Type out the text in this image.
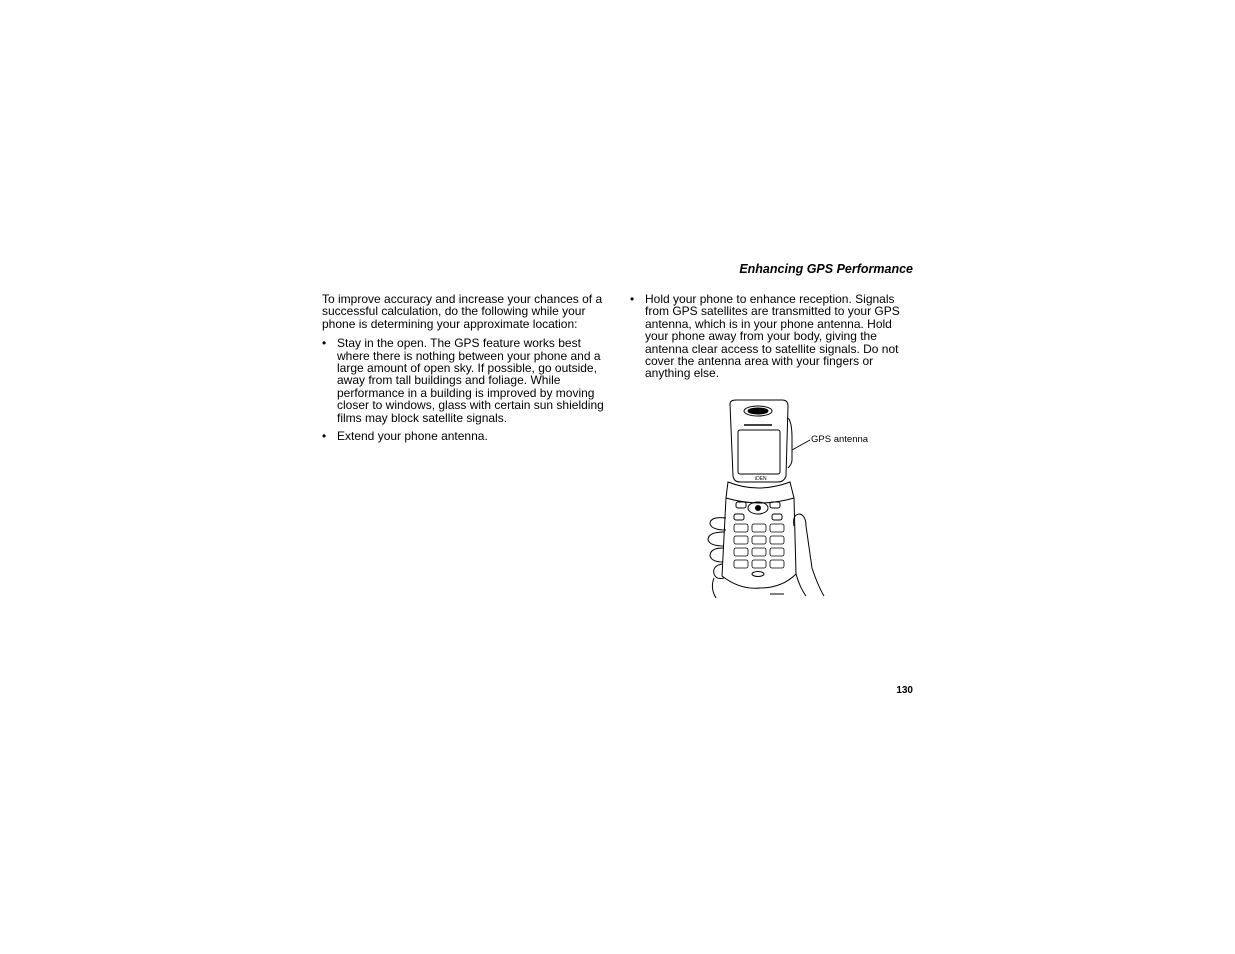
Enhancing GPS Performance

To improve accuracy and increase your chances of a successful calculation, do the following while your phone is determining your approximate location:

• Stay in the open. The GPS feature works best where there is nothing between your phone and a large amount of open sky. If possible, go outside, away from tall buildings and foliage. While performance in a building is improved by moving closer to windows, glass with certain sun shielding films may block satellite signals.
• Extend your phone antenna.
• Hold your phone to enhance reception. Signals from GPS satellites are transmitted to your GPS antenna, which is in your phone antenna. Hold your phone away from your body, giving the antenna clear access to satellite signals. Do not cover the antenna area with your fingers or anything else.
iDEN
GPS antenna
130
